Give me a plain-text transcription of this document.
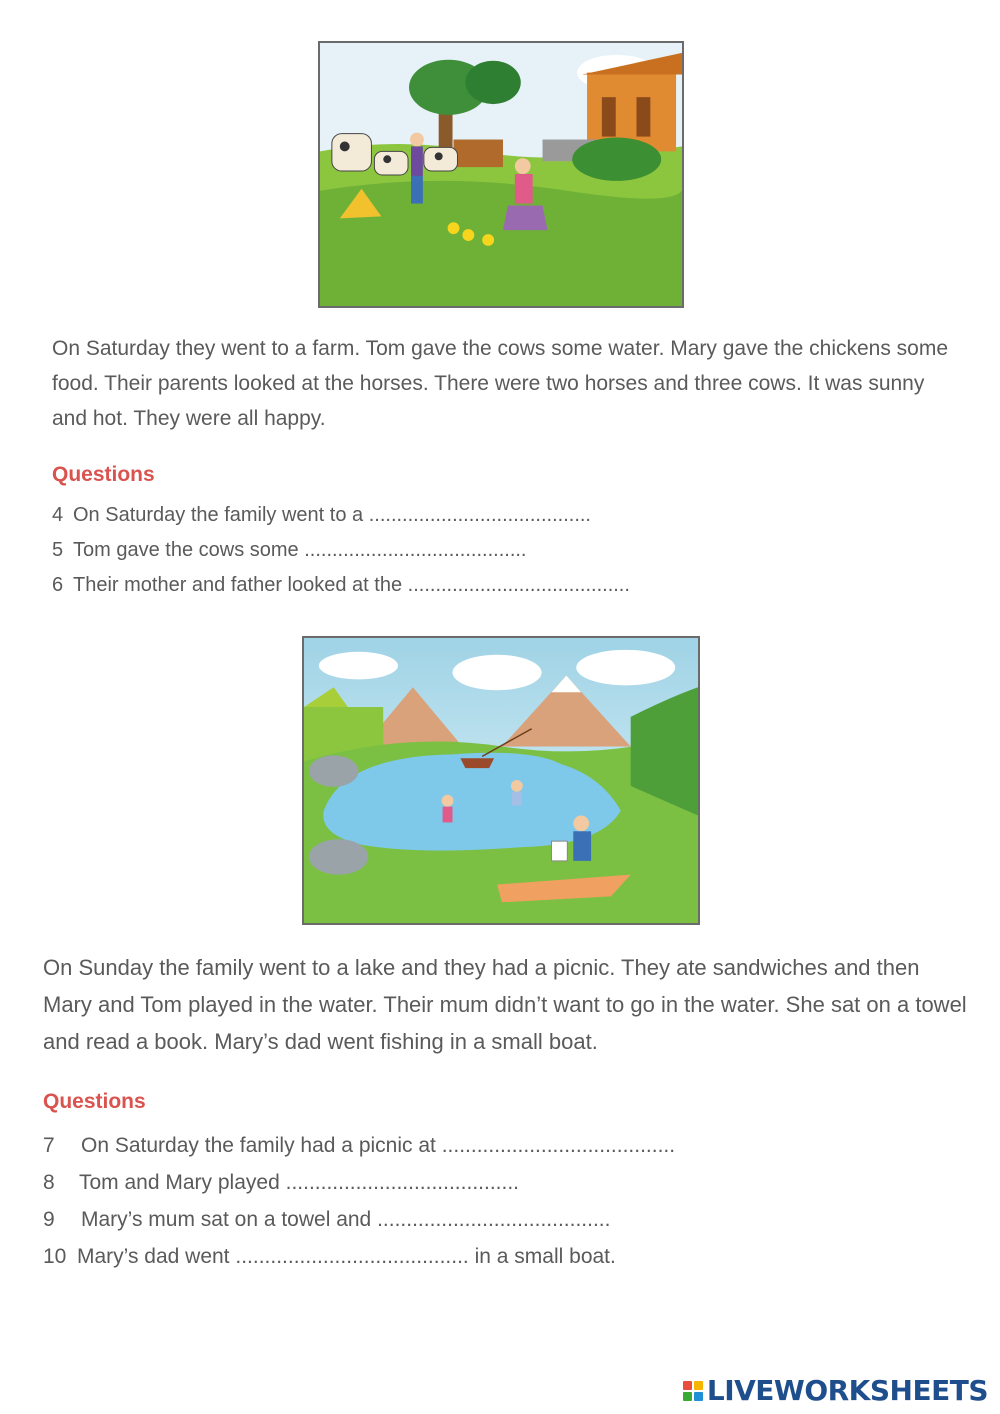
On Saturday they went to a farm. Tom gave the cows some water. Mary gave the chickens some food. Their parents looked at the horses. There were two horses and three cows. It was sunny and hot. They were all happy.
Questions
4 On Saturday the family went to a ........................................
5 Tom gave the cows some ........................................
6 Their mother and father looked at the ........................................
On Sunday the family went to a lake and they had a picnic. They ate sandwiches and then Mary and Tom played in the water. Their mum didn’t want to go in the water. She sat on a towel and read a book. Mary’s dad went fishing in a small boat.
Questions
7 On Saturday the family had a picnic at ........................................
8 Tom and Mary played ........................................
9 Mary’s mum sat on a towel and ........................................
10 Mary’s dad went ........................................ in a small boat.
LIVEWORKSHEETS
